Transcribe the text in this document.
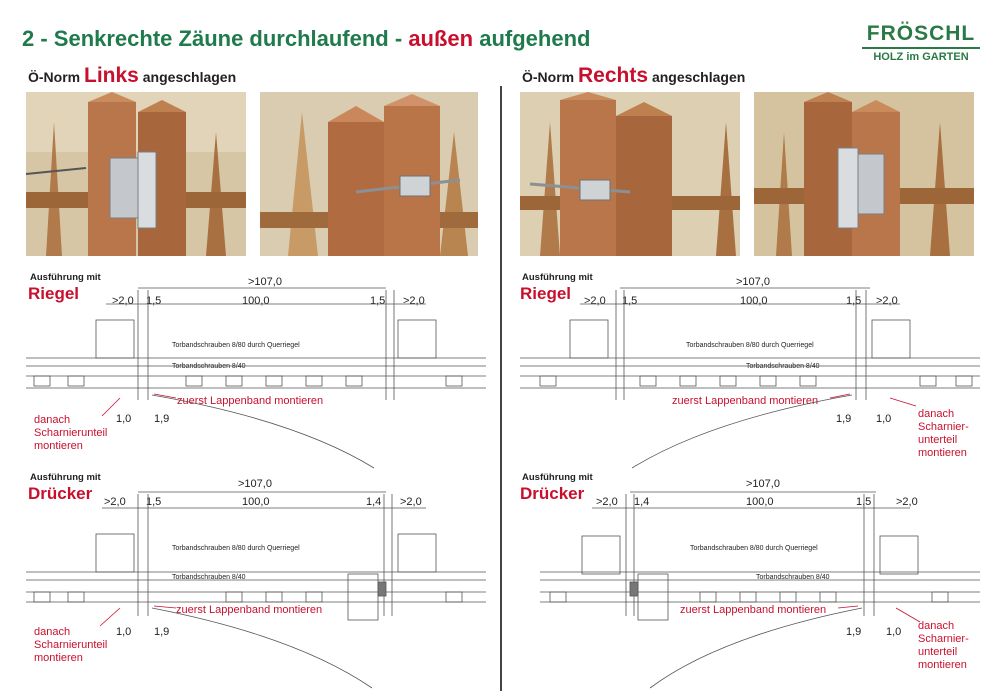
2 - Senkrechte Zäune durchlaufend - außen aufgehend	FRÖSCHL
HOLZ im GARTEN
Ö-Norm Links angeschlagen	Ö-Norm Rechts angeschlagen
Ausführung mit
Riegel
>107,0
>2,0 1,5	100,0	1,5 >2,0
Torbandschrauben 8/80 durch Querriegel
Torbandschrauben 8/40
zuerst Lappenband montieren
danach Scharnierunteil montieren
1,0 1,9
Ausführung mit
Drücker	>107,0
>2,0 1,5	100,0	1,4 >2,0
Torbandschrauben 8/80 durch Querriegel
Torbandschrauben 8/40
zuerst Lappenband montieren
danach Scharnierunteil montieren
1,0 1,9
Ausführung mit
Riegel
>107,0
>2,0 1,5	100,0	1,5 >2,0
Torbandschrauben 8/80 durch Querriegel
Torbandschrauben 8/40
zuerst Lappenband montieren
danach Scharnier- unterteil montieren
1,9 1,0
Ausführung mit
Drücker	>107,0
>2,0 1,4	100,0	1,5 >2,0
Torbandschrauben 8/80 durch Querriegel
Torbandschrauben 8/40
zuerst Lappenband montieren
danach Scharnier- unterteil montieren
1,9 1,0
